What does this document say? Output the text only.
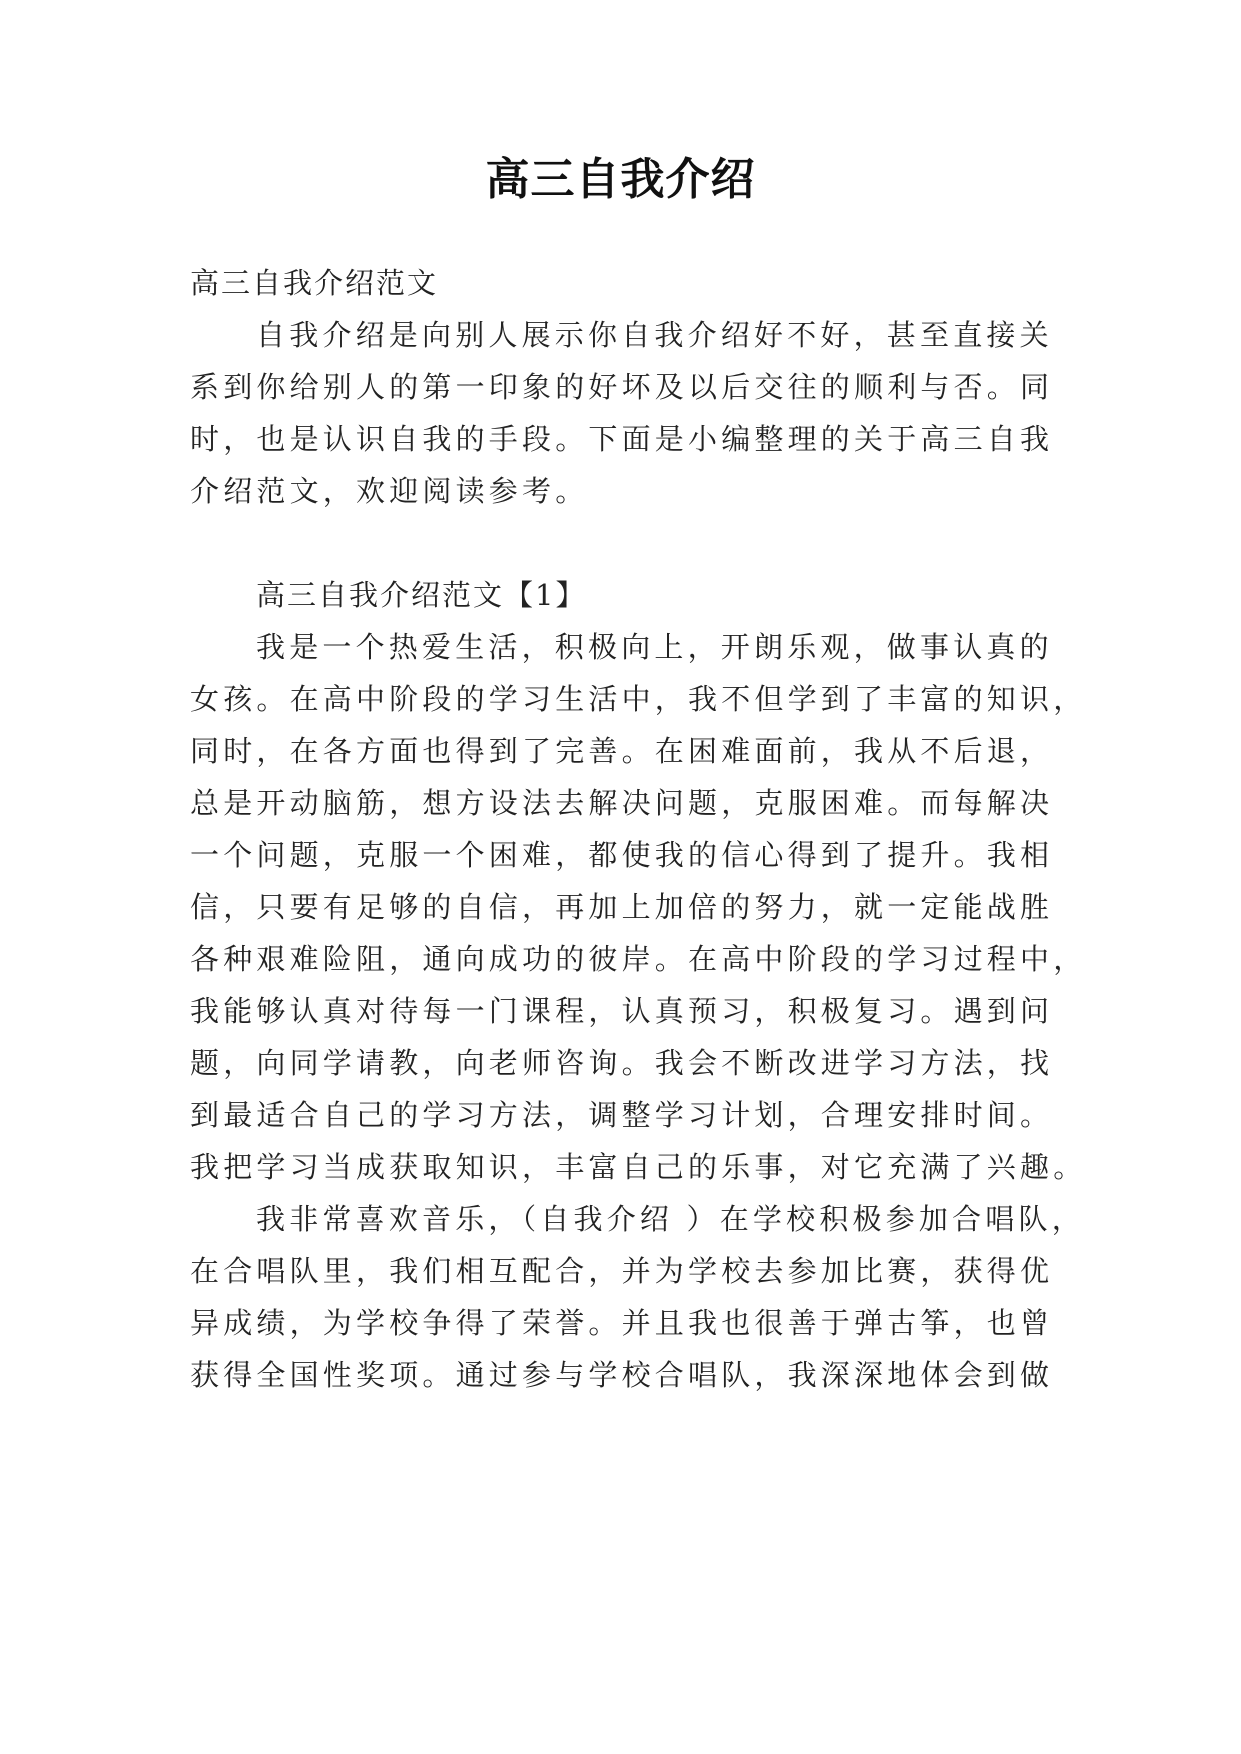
高三自我介绍
高三自我介绍范文
自我介绍是向别人展示你自我介绍好不好，甚至直接关
系到你给别人的第一印象的好坏及以后交往的顺利与否。同
时，也是认识自我的手段。下面是小编整理的关于高三自我
介绍范文，欢迎阅读参考。
高三自我介绍范文【1】
我是一个热爱生活，积极向上，开朗乐观，做事认真的
女孩。在高中阶段的学习生活中，我不但学到了丰富的知识，
同时，在各方面也得到了完善。在困难面前，我从不后退，
总是开动脑筋，想方设法去解决问题，克服困难。而每解决
一个问题，克服一个困难，都使我的信心得到了提升。我相
信，只要有足够的自信，再加上加倍的努力，就一定能战胜
各种艰难险阻，通向成功的彼岸。在高中阶段的学习过程中，
我能够认真对待每一门课程，认真预习，积极复习。遇到问
题，向同学请教，向老师咨询。我会不断改进学习方法，找
到最适合自己的学习方法，调整学习计划，合理安排时间。
我把学习当成获取知识，丰富自己的乐事，对它充满了兴趣。
我非常喜欢音乐，（自我介绍 ）在学校积极参加合唱队，
在合唱队里，我们相互配合，并为学校去参加比赛，获得优
异成绩，为学校争得了荣誉。并且我也很善于弹古筝，也曾
获得全国性奖项。通过参与学校合唱队，我深深地体会到做
